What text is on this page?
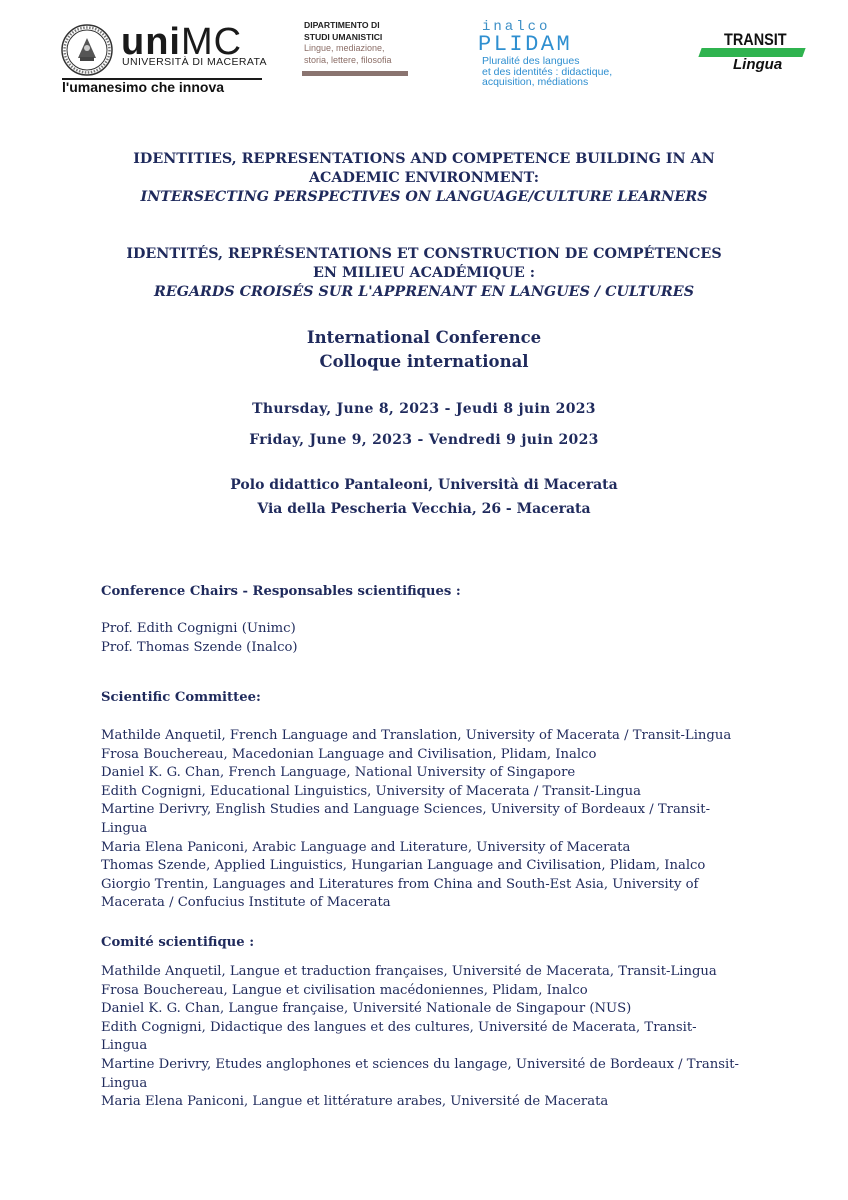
uniMC
UNIVERSITÀ DI MACERATA
l'umanesimo che innova
DIPARTIMENTO DI
STUDI UMANISTICI
Lingue, mediazione,
storia, lettere, filosofia
inalco
PLIDAM
Pluralité des langues
et des identités : didactique,
acquisition, médiations
TRANSIT
Lingua
IDENTITIES, REPRESENTATIONS AND COMPETENCE BUILDING IN AN
ACADEMIC ENVIRONMENT:
INTERSECTING PERSPECTIVES ON LANGUAGE/CULTURE LEARNERS
IDENTITÉS, REPRÉSENTATIONS ET CONSTRUCTION DE COMPÉTENCES
EN MILIEU ACADÉMIQUE :
REGARDS CROISÉS SUR L'APPRENANT EN LANGUES / CULTURES
International Conference
Colloque international
Thursday, June 8, 2023 - Jeudi 8 juin 2023
Friday, June 9, 2023 - Vendredi 9 juin 2023
Polo didattico Pantaleoni, Università di Macerata
Via della Pescheria Vecchia, 26 - Macerata
Conference Chairs - Responsables scientifiques :
Prof. Edith Cognigni (Unimc)
Prof. Thomas Szende (Inalco)
Scientific Committee:
Mathilde Anquetil, French Language and Translation, University of Macerata / Transit-Lingua
Frosa Bouchereau, Macedonian Language and Civilisation, Plidam, Inalco
Daniel K. G. Chan, French Language, National University of Singapore
Edith Cognigni, Educational Linguistics, University of Macerata / Transit-Lingua
Martine Derivry, English Studies and Language Sciences, University of Bordeaux / Transit-
Lingua
Maria Elena Paniconi, Arabic Language and Literature, University of Macerata
Thomas Szende, Applied Linguistics, Hungarian Language and Civilisation, Plidam, Inalco
Giorgio Trentin, Languages and Literatures from China and South-Est Asia, University of
Macerata / Confucius Institute of Macerata
Comité scientifique :
Mathilde Anquetil, Langue et traduction françaises, Université de Macerata, Transit-Lingua
Frosa Bouchereau, Langue et civilisation macédoniennes, Plidam, Inalco
Daniel K. G. Chan, Langue française, Université Nationale de Singapour (NUS)
Edith Cognigni, Didactique des langues et des cultures, Université de Macerata, Transit-Lingua
Martine Derivry, Etudes anglophones et sciences du langage, Université de Bordeaux / Transit-
Lingua
Maria Elena Paniconi, Langue et littérature arabes, Université de Macerata
